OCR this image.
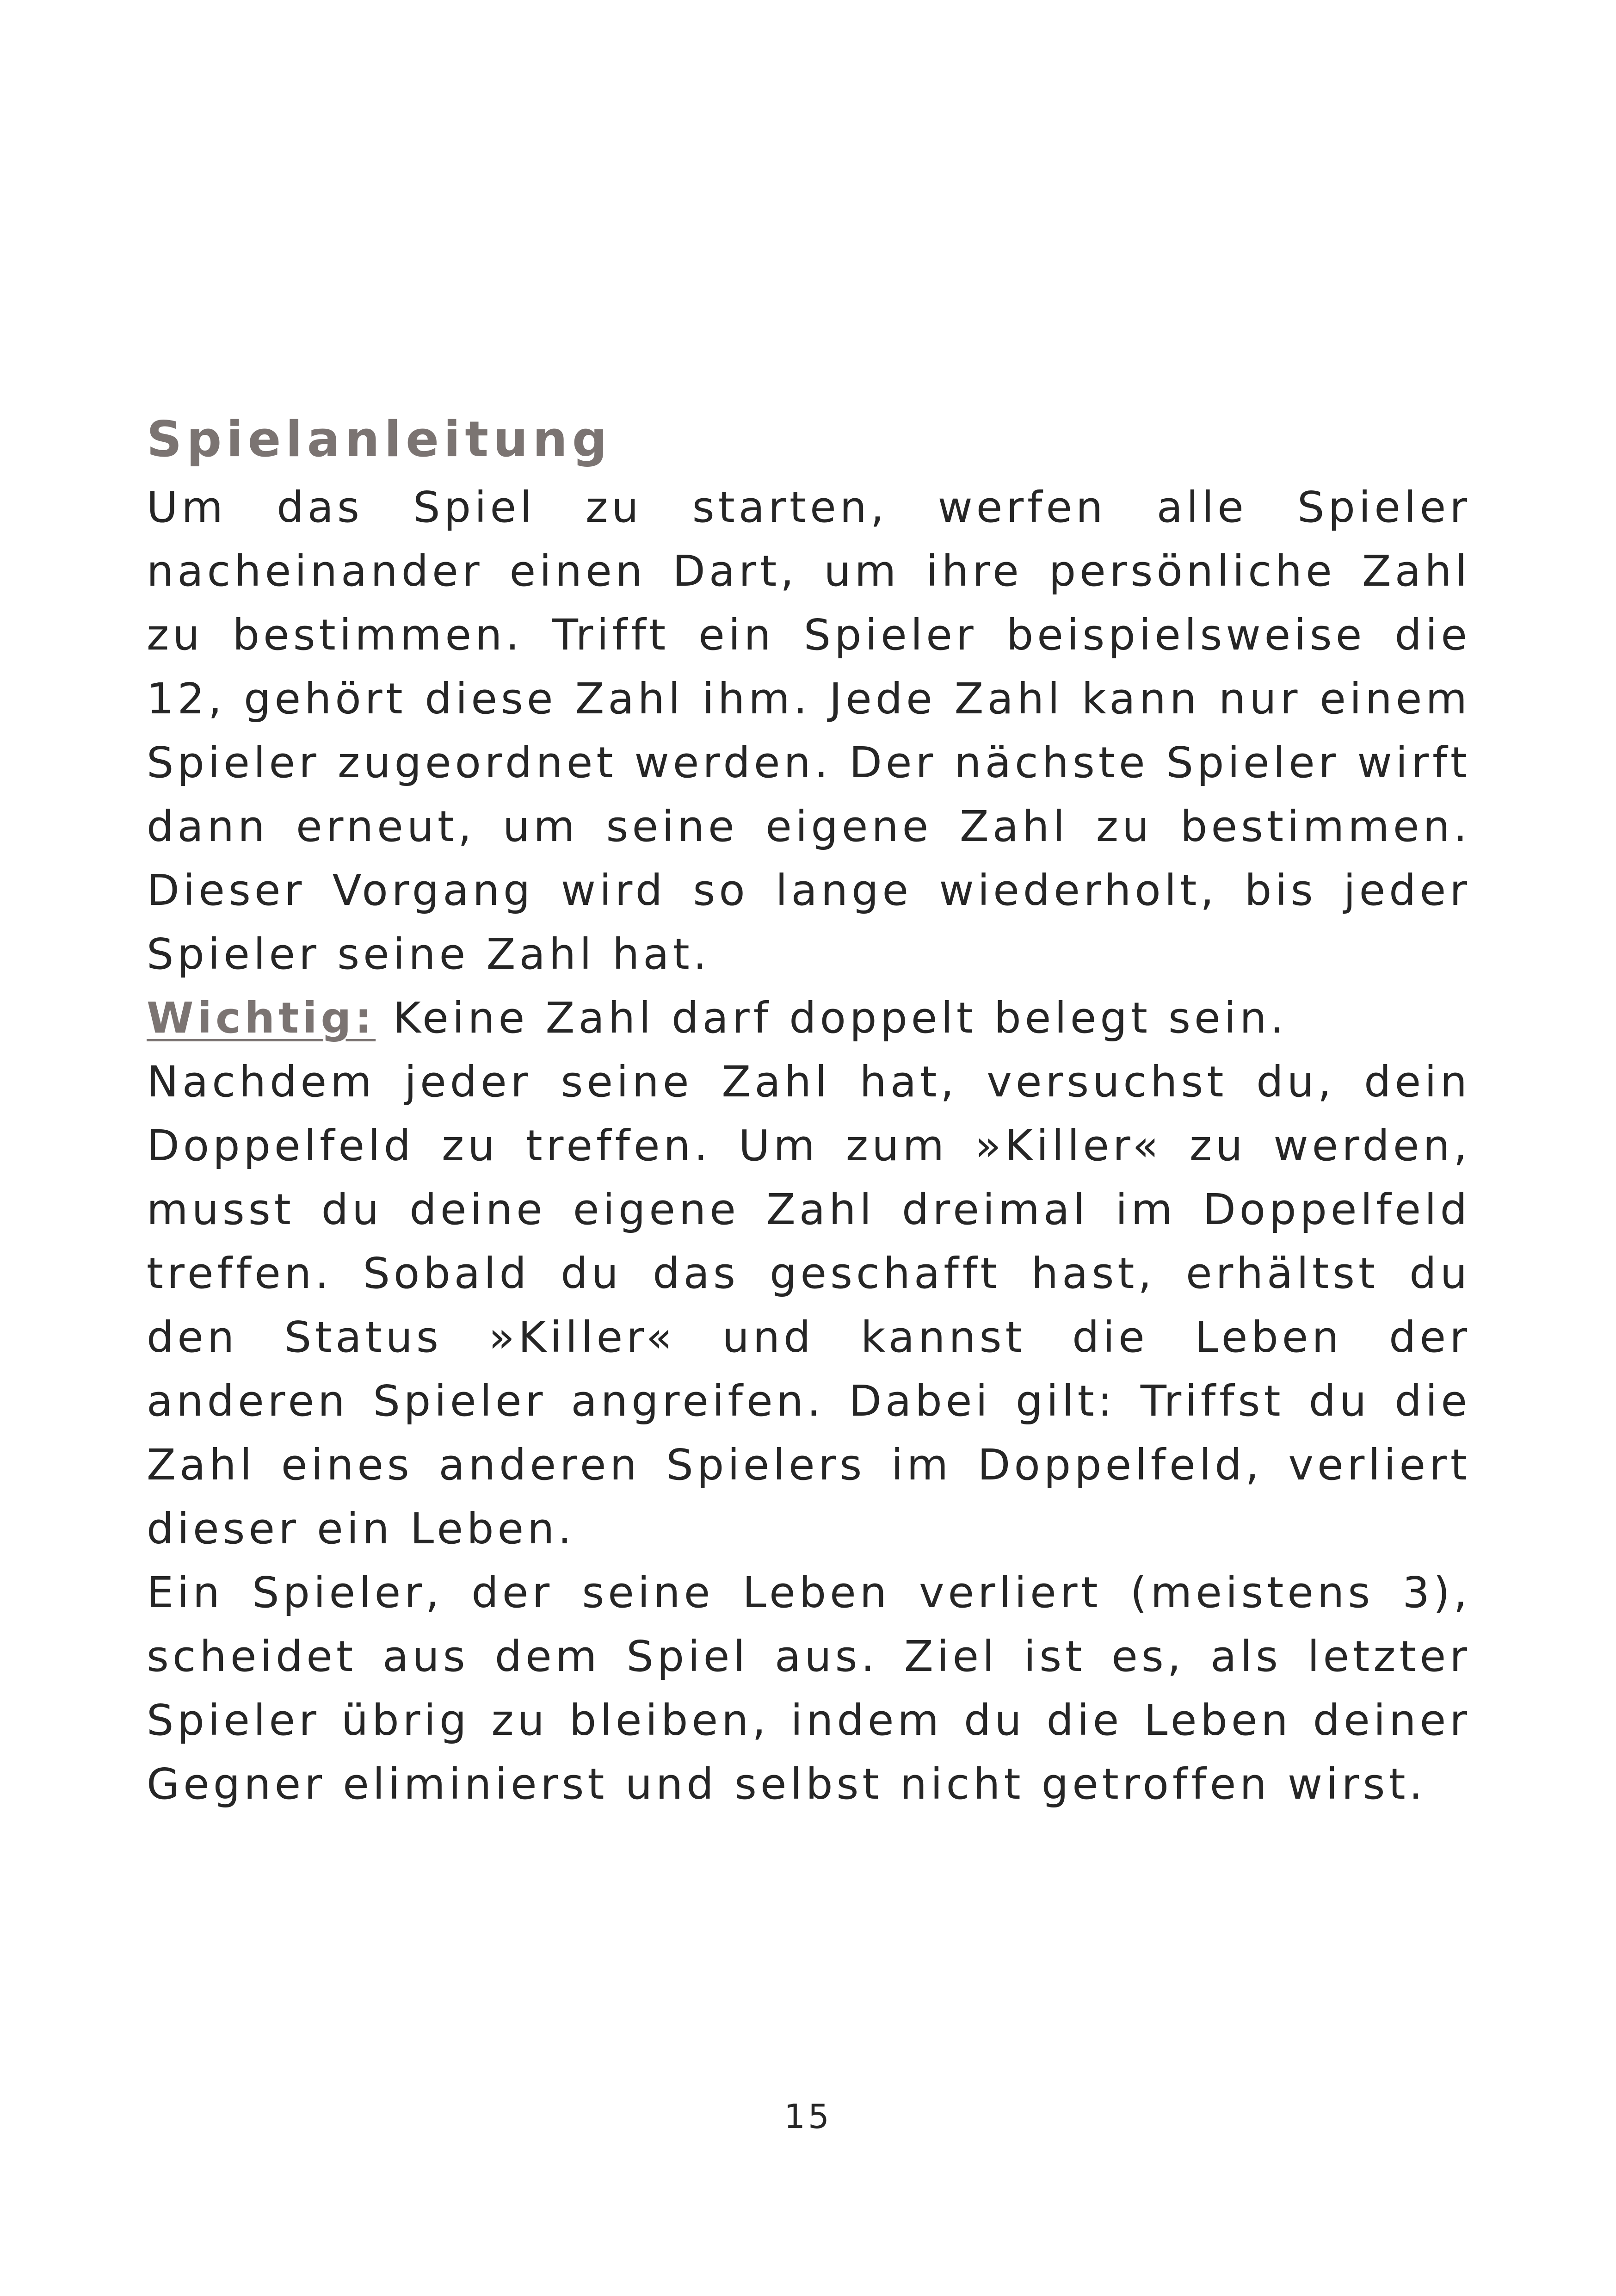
Spielanleitung

Um das Spiel zu starten, werfen alle Spieler nacheinander einen Dart, um ihre persönliche Zahl zu bestimmen. Trifft ein Spieler beispielsweise die 12, gehört diese Zahl ihm. Jede Zahl kann nur einem Spieler zugeordnet werden. Der nächste Spieler wirft dann erneut, um seine eigene Zahl zu bestimmen. Dieser Vorgang wird so lange wiederholt, bis jeder Spieler seine Zahl hat.

Wichtig: Keine Zahl darf doppelt belegt sein.

Nachdem jeder seine Zahl hat, versuchst du, dein Doppelfeld zu treffen. Um zum »Killer« zu werden, musst du deine eigene Zahl dreimal im Doppelfeld treffen. Sobald du das geschafft hast, erhältst du den Status »Killer« und kannst die Leben der anderen Spieler angreifen. Dabei gilt: Triffst du die Zahl eines anderen Spielers im Doppelfeld, verliert dieser ein Leben.

Ein Spieler, der seine Leben verliert (meistens 3), scheidet aus dem Spiel aus. Ziel ist es, als letzter Spieler übrig zu bleiben, indem du die Leben deiner Gegner eliminierst und selbst nicht getroffen wirst.

15
